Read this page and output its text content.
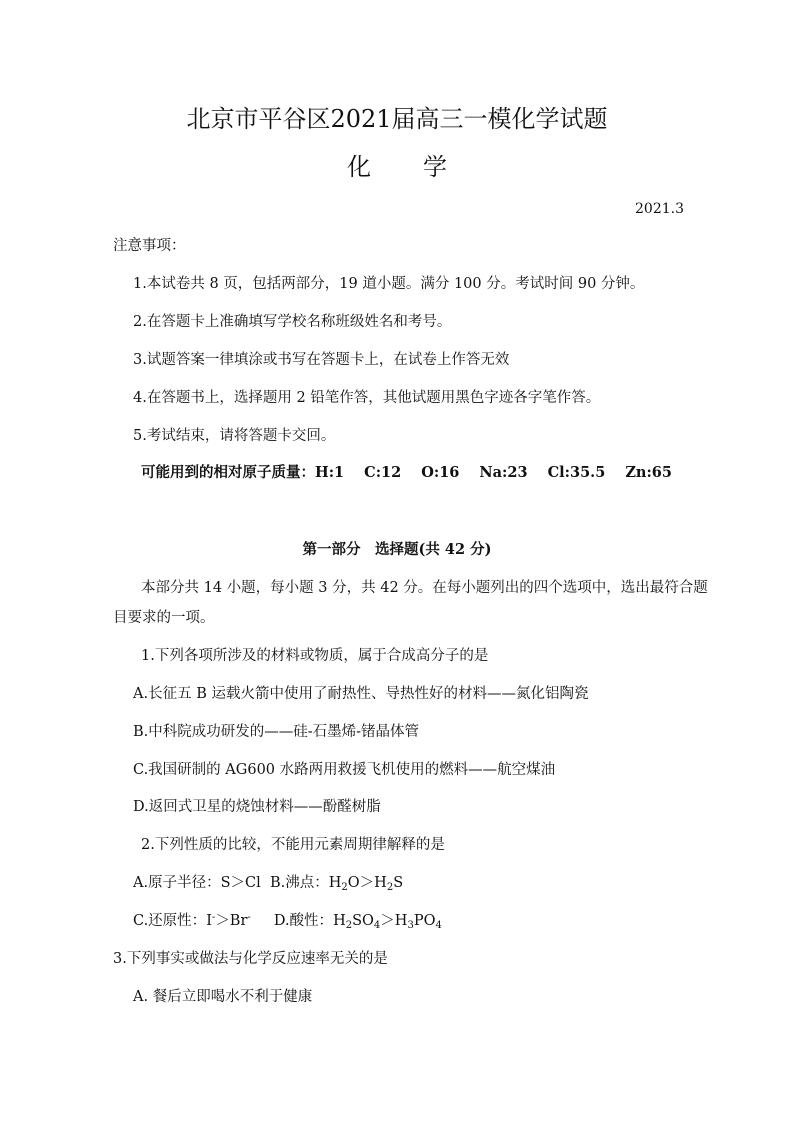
北京市平谷区2021届高三一模化学试题
化学
2021.3
注意事项：
1.本试卷共 8 页，包括两部分，19 道小题。满分 100 分。考试时间 90 分钟。
2.在答题卡上准确填写学校名称班级姓名和考号。
3.试题答案一律填涂或书写在答题卡上，在试卷上作答无效
4.在答题书上，选择题用 2 铅笔作答，其他试题用黑色字迹各字笔作答。
5.考试结束，请将答题卡交回。
可能用到的相对原子质量：H:1 C:12 O:16 Na:23 Cl:35.5 Zn:65
第一部分　选择题(共 42 分)
本部分共 14 小题，每小题 3 分，共 42 分。在每小题列出的四个选项中，选出最符合题
目要求的一项。
1.下列各项所涉及的材料或物质，属于合成高分子的是
A.长征五 B 运载火箭中使用了耐热性、导热性好的材料——氮化铝陶瓷
B.中科院成功研发的——硅-石墨烯-锗晶体管
C.我国研制的 AG600 水路两用救援飞机使用的燃料——航空煤油
D.返回式卫星的烧蚀材料——酚醛树脂
2.下列性质的比较，不能用元素周期律解释的是
A.原子半径：S＞Cl B.沸点：$H_2O>H_2S$
C.还原性：I-＞Br- D.酸性：$H_2SO_4>H_3PO_4$
3.下列事实或做法与化学反应速率无关的是
A. 餐后立即喝水不利于健康
